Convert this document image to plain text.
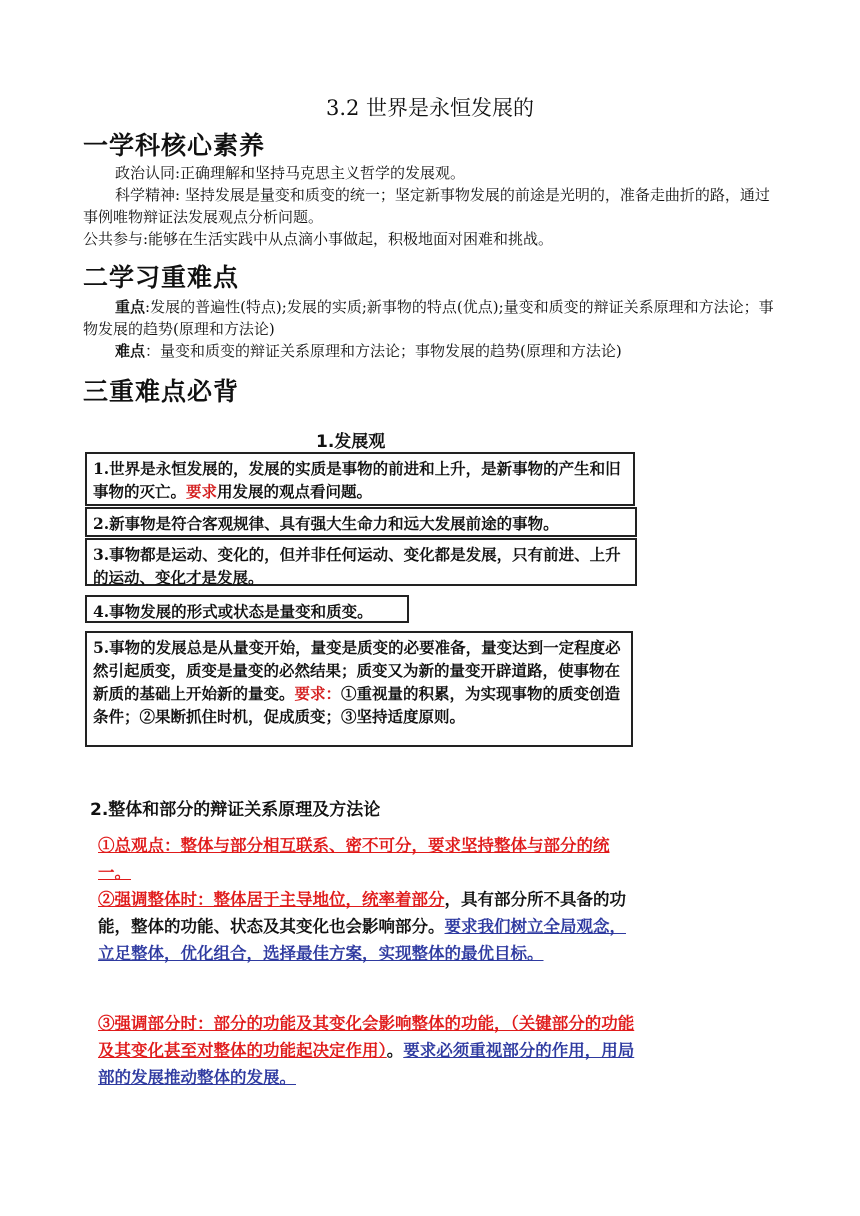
3.2 世界是永恒发展的
一学科核心素养
政治认同:正确理解和坚持马克思主义哲学的发展观。
科学精神: 坚持发展是量变和质变的统一；坚定新事物发展的前途是光明的，准备走曲折的路，通过事例唯物辩证法发展观点分析问题。
公共参与:能够在生活实践中从点滴小事做起，积极地面对困难和挑战。
二学习重难点
重点:发展的普遍性(特点);发展的实质;新事物的特点(优点);量变和质变的辩证关系原理和方法论；事物发展的趋势(原理和方法论)
难点：量变和质变的辩证关系原理和方法论；事物发展的趋势(原理和方法论)
三重难点必背
1.发展观
1.世界是永恒发展的，发展的实质是事物的前进和上升，是新事物的产生和旧事物的灭亡。要求用发展的观点看问题。
2.新事物是符合客观规律、具有强大生命力和远大发展前途的事物。
3.事物都是运动、变化的，但并非任何运动、变化都是发展，只有前进、上升的运动、变化才是发展。
4.事物发展的形式或状态是量变和质变。
5.事物的发展总是从量变开始，量变是质变的必要准备，量变达到一定程度必然引起质变，质变是量变的必然结果；质变又为新的量变开辟道路，使事物在新质的基础上开始新的量变。要求：①重视量的积累，为实现事物的质变创造条件；②果断抓住时机，促成质变；③坚持适度原则。
2.整体和部分的辩证关系原理及方法论
①总观点：整体与部分相互联系、密不可分，要求坚持整体与部分的统一。
②强调整体时：整体居于主导地位，统率着部分，具有部分所不具备的功能，整体的功能、状态及其变化也会影响部分。要求我们树立全局观念，立足整体，优化组合，选择最佳方案，实现整体的最优目标。
③强调部分时：部分的功能及其变化会影响整体的功能，（关键部分的功能及其变化甚至对整体的功能起决定作用）。要求必须重视部分的作用，用局部的发展推动整体的发展。
